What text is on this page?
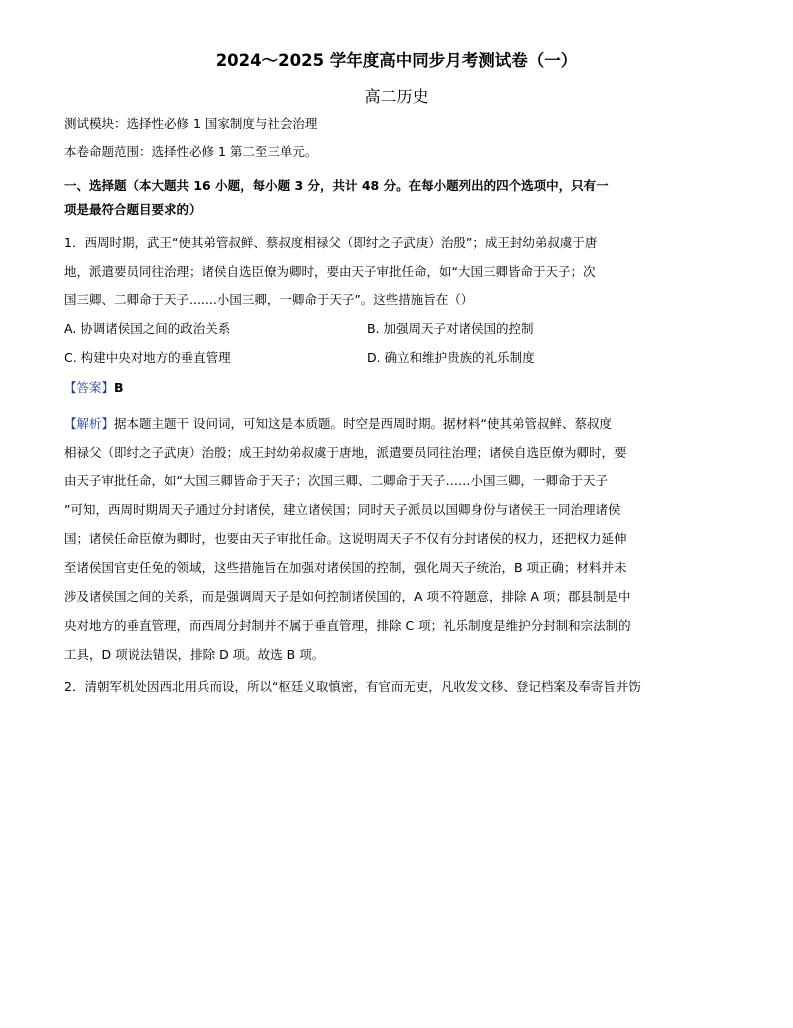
2024～2025 学年度高中同步月考测试卷（一）
高二历史
测试模块：选择性必修 1 国家制度与社会治理
本卷命题范围：选择性必修 1 第二至三单元。
一、选择题（本大题共 16 小题，每小题 3 分，共计 48 分。在每小题列出的四个选项中，只有一
项是最符合题目要求的）
1．西周时期，武王“使其弟管叔鲜、蔡叔度相禄父（即纣之子武庚）治殷”；成王封幼弟叔虞于唐
地，派遣要员同往治理；诸侯自选臣僚为卿时，要由天子审批任命，如“大国三卿皆命于天子；次
国三卿、二卿命于天子.......小国三卿，一卿命于天子”。这些措施旨在（）
A. 协调诸侯国之间的政治关系	B. 加强周天子对诸侯国的控制
C. 构建中央对地方的垂直管理	D. 确立和维护贵族的礼乐制度
【答案】B
【解析】据本题主题干 设问词，可知这是本质题。时空是西周时期。据材料“使其弟管叔鲜、蔡叔度
相禄父（即纣之子武庚）治殷；成王封幼弟叔虞于唐地，派遣要员同往治理；诸侯自选臣僚为卿时，要
由天子审批任命，如“大国三卿皆命于天子；次国三卿、二卿命于天子……小国三卿，一卿命于天子
”可知，西周时期周天子通过分封诸侯，建立诸侯国；同时天子派员以国卿身份与诸侯王一同治理诸侯
国；诸侯任命臣僚为卿时，也要由天子审批任命。这说明周天子不仅有分封诸侯的权力，还把权力延伸
至诸侯国官吏任免的领域，这些措施旨在加强对诸侯国的控制，强化周天子统治，B 项正确；材料并未
涉及诸侯国之间的关系，而是强调周天子是如何控制诸侯国的，A 项不符题意，排除 A 项；郡县制是中
央对地方的垂直管理，而西周分封制并不属于垂直管理，排除 C 项；礼乐制度是维护分封制和宗法制的
工具，D 项说法错误，排除 D 项。故选 B 项。
2．清朝军机处因西北用兵而设，所以“枢廷义取慎密，有官而无吏，凡收发文移、登记档案及奉寄旨并饬
